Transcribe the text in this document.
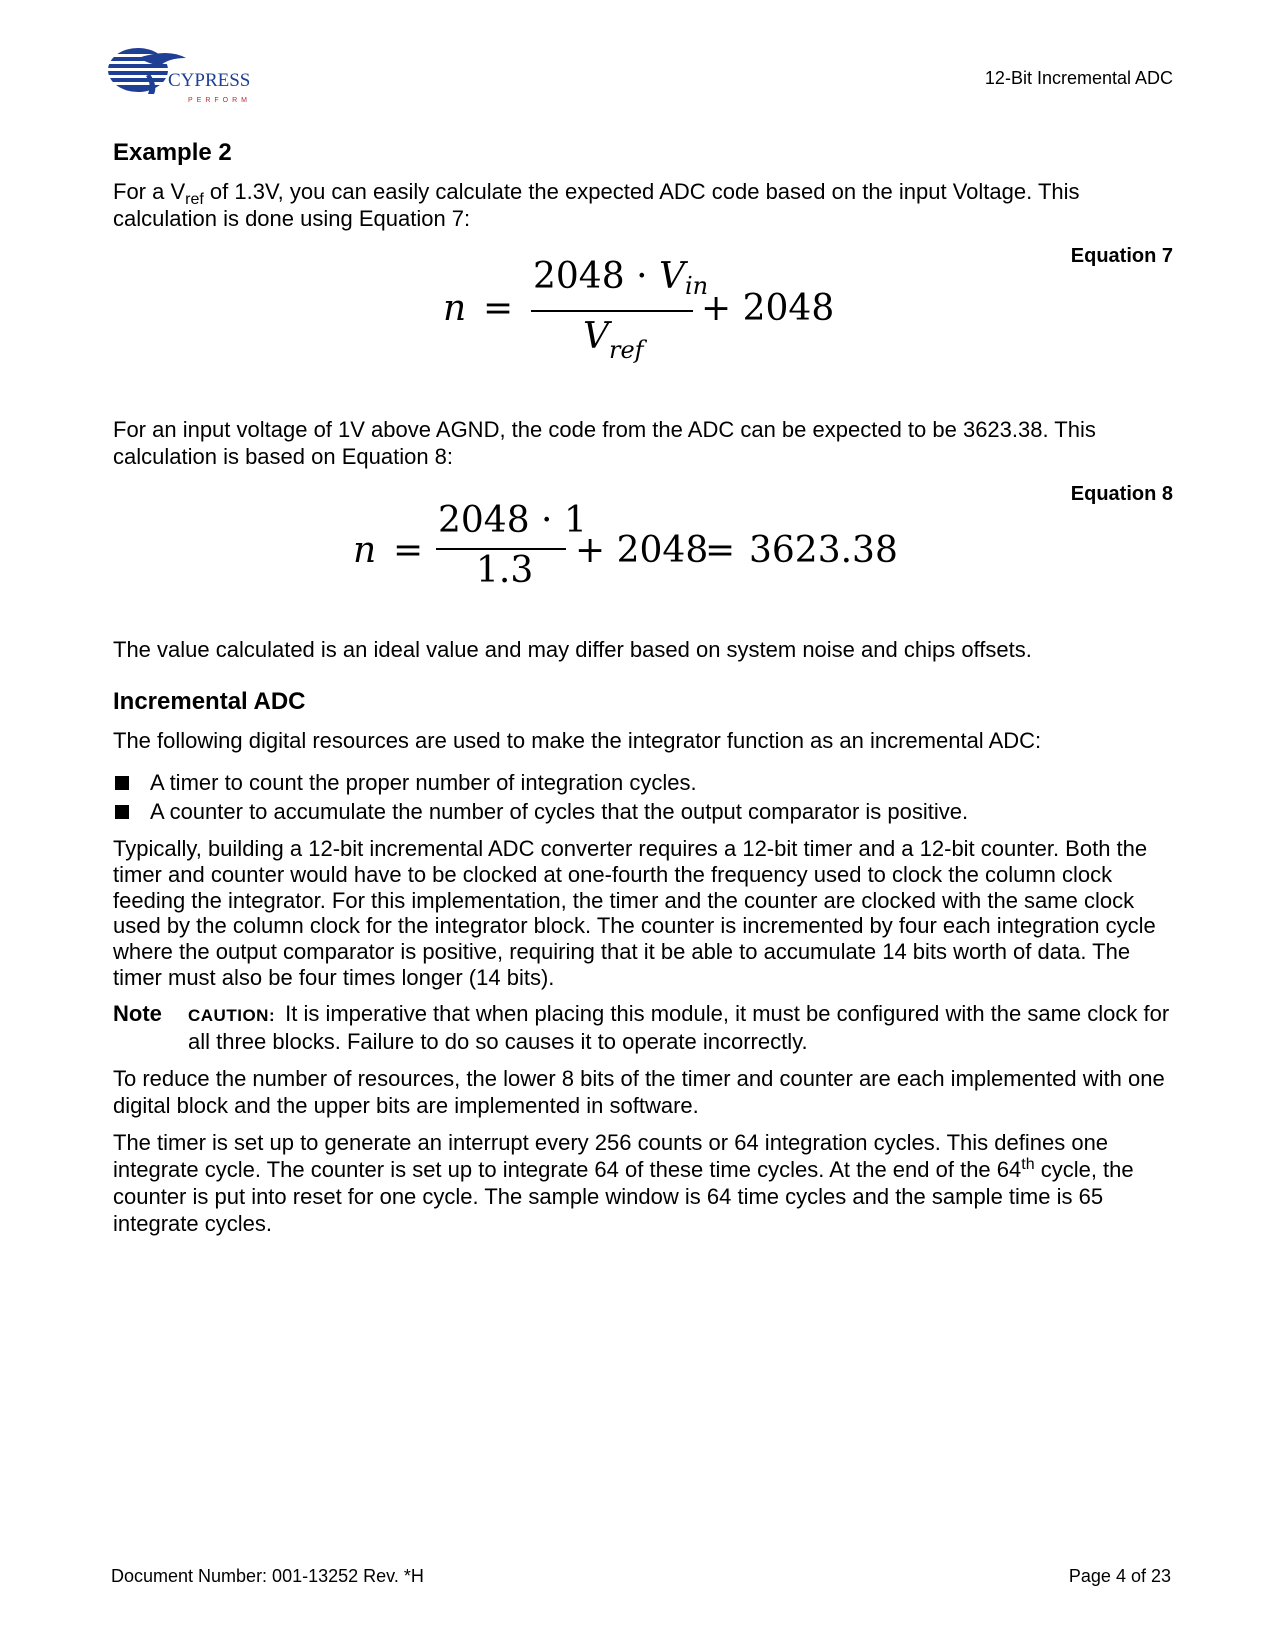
CYPRESS
PERFORM
12-Bit Incremental ADC
Example 2

For a $V_{ref}$ of 1.3V, you can easily calculate the expected ADC code based on the input Voltage. This calculation is done using Equation 7:

Equation 7
n =
$2048 \cdot V_{in}$
$V_{ref}$
+ 2048

For an input voltage of 1V above AGND, the code from the ADC can be expected to be 3623.38. This calculation is based on Equation 8:

Equation 8
n =
2048 · 1
1.3 + 2048
= 3623.38

The value calculated is an ideal value and may differ based on system noise and chips offsets.

Incremental ADC

The following digital resources are used to make the integrator function as an incremental ADC:

A timer to count the proper number of integration cycles.
A counter to accumulate the number of cycles that the output comparator is positive.

Typically, building a 12-bit incremental ADC converter requires a 12-bit timer and a 12-bit counter. Both the timer and counter would have to be clocked at one-fourth the frequency used to clock the column clock feeding the integrator. For this implementation, the timer and the counter are clocked with the same clock used by the column clock for the integrator block. The counter is incremented by four each integration cycle where the output comparator is positive, requiring that it be able to accumulate 14 bits worth of data. The timer must also be four times longer (14 bits).

Note CAUTION: It is imperative that when placing this module, it must be configured with the same clock for all three blocks. Failure to do so causes it to operate incorrectly.

To reduce the number of resources, the lower 8 bits of the timer and counter are each implemented with one digital block and the upper bits are implemented in software.

The timer is set up to generate an interrupt every 256 counts or 64 integration cycles. This defines one integrate cycle. The counter is set up to integrate 64 of these time cycles. At the end of the 64th cycle, the counter is put into reset for one cycle. The sample window is 64 time cycles and the sample time is 65 integrate cycles.

Document Number: 001-13252 Rev. *H	Page 4 of 23
